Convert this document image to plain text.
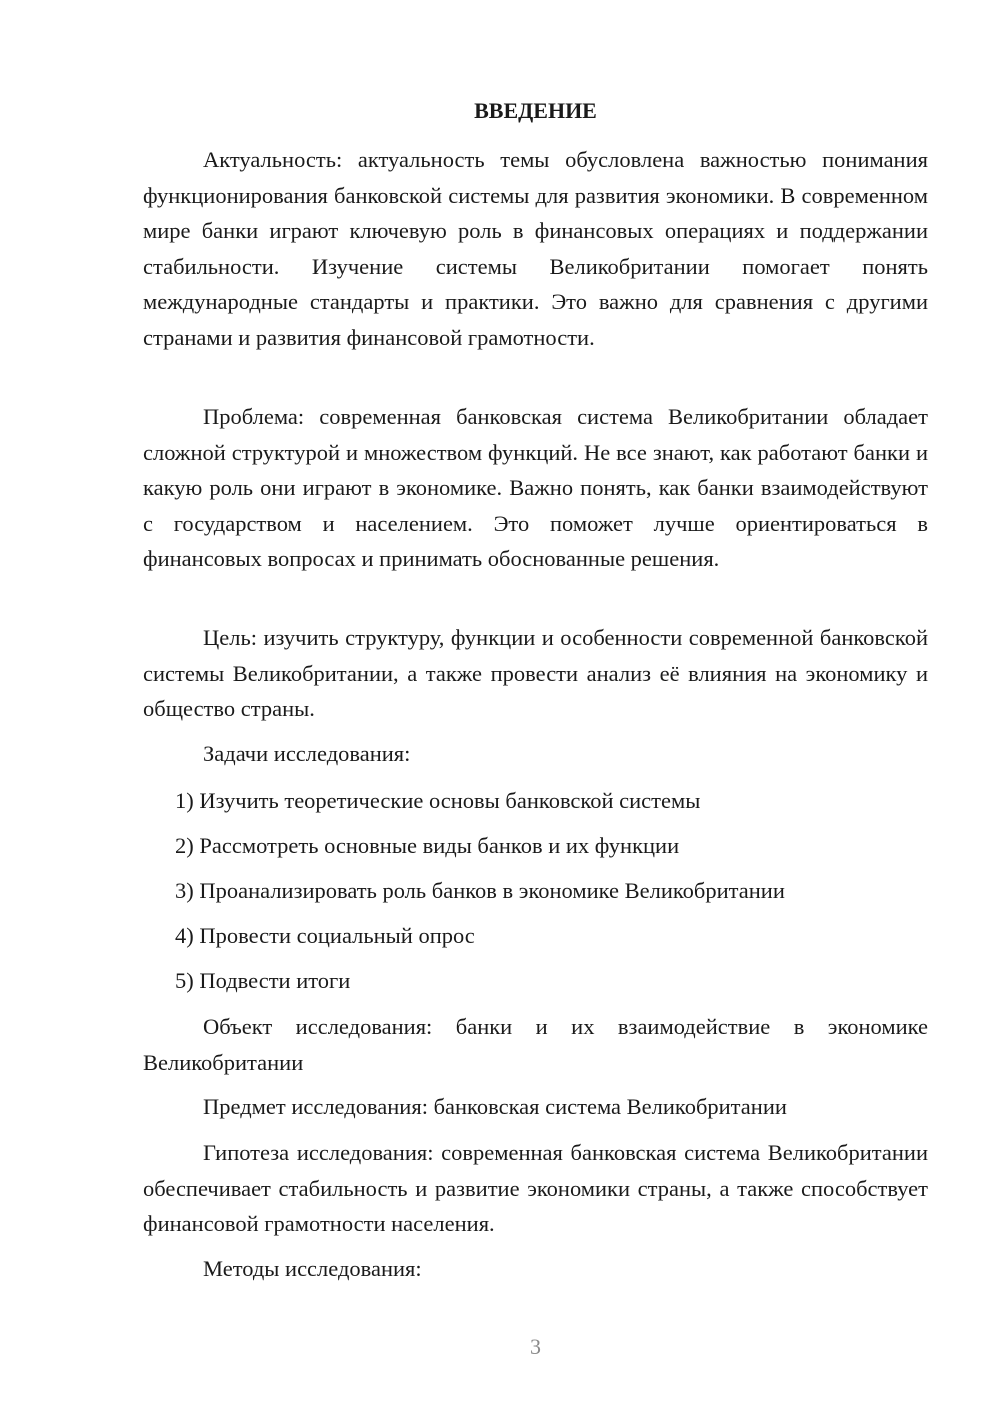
ВВЕДЕНИЕ

Актуальность: актуальность темы обусловлена важностью понимания функционирования банковской системы для развития экономики. В современном мире банки играют ключевую роль в финансовых операциях и поддержании стабильности. Изучение системы Великобритании помогает понять международные стандарты и практики. Это важно для сравнения с другими странами и развития финансовой грамотности.

Проблема: современная банковская система Великобритании обладает сложной структурой и множеством функций. Не все знают, как работают банки и какую роль они играют в экономике. Важно понять, как банки взаимодействуют с государством и населением. Это поможет лучше ориентироваться в финансовых вопросах и принимать обоснованные решения.

Цель: изучить структуру, функции и особенности современной банковской системы Великобритании, а также провести анализ её влияния на экономику и общество страны.

Задачи исследования:

1) Изучить теоретические основы банковской системы
2) Рассмотреть основные виды банков и их функции
3) Проанализировать роль банков в экономике Великобритании
4) Провести социальный опрос
5) Подвести итоги

Объект исследования: банки и их взаимодействие в экономике Великобритании

Предмет исследования: банковская система Великобритании

Гипотеза исследования: современная банковская система Великобритании обеспечивает стабильность и развитие экономики страны, а также способствует финансовой грамотности населения.

Методы исследования:

3
